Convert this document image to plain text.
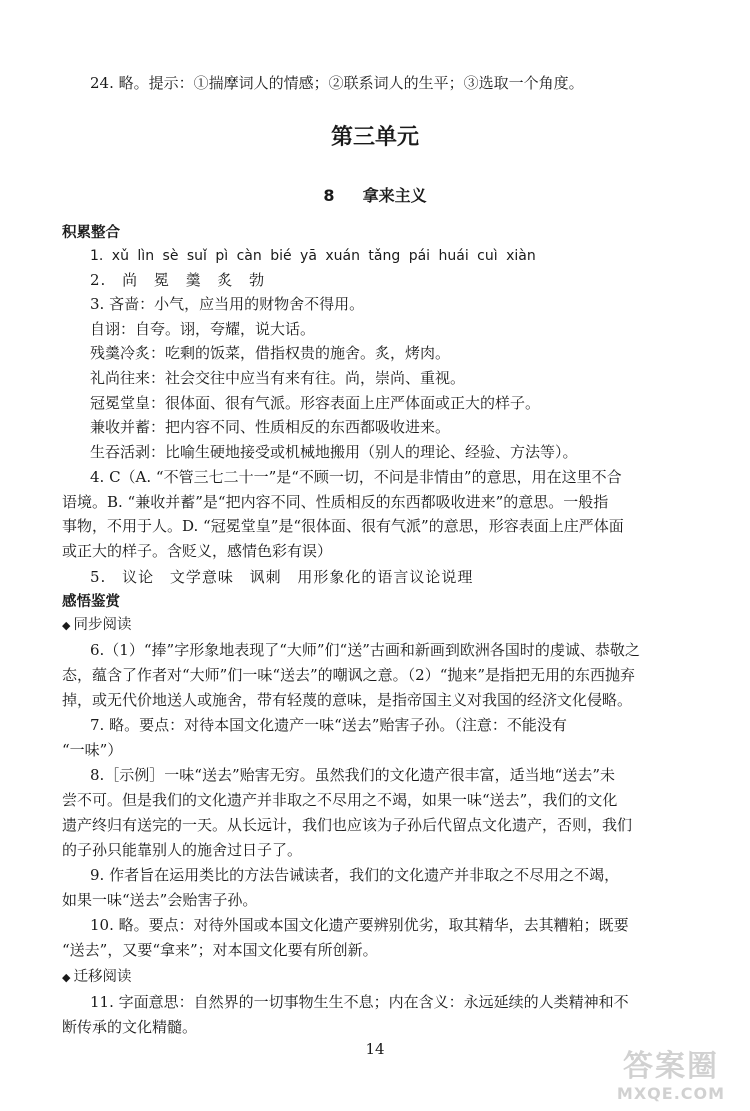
24. 略。提示：①揣摩词人的情感；②联系词人的生平；③选取一个角度。
第三单元
8 拿来主义
积累整合
1. xǔ lìn sè suǐ pì càn bié yā xuán tǎng pái huái cuì xiàn
2. 尚 冕 羹 炙 勃
3. 吝啬：小气，应当用的财物舍不得用。
自诩：自夸。诩，夸耀，说大话。
残羹冷炙：吃剩的饭菜，借指权贵的施舍。炙，烤肉。
礼尚往来：社会交往中应当有来有往。尚，崇尚、重视。
冠冕堂皇：很体面、很有气派。形容表面上庄严体面或正大的样子。
兼收并蓄：把内容不同、性质相反的东西都吸收进来。
生吞活剥：比喻生硬地接受或机械地搬用（别人的理论、经验、方法等）。
4. C（A. “不管三七二十一”是“不顾一切，不问是非情由”的意思，用在这里不合
语境。B. “兼收并蓄”是“把内容不同、性质相反的东西都吸收进来”的意思。一般指
事物，不用于人。D. “冠冕堂皇”是“很体面、很有气派”的意思，形容表面上庄严体面
或正大的样子。含贬义，感情色彩有误）
5. 议论 文学意味 讽刺 用形象化的语言议论说理
感悟鉴赏
◆ 同步阅读
6.（1）“捧”字形象地表现了“大师”们“送”古画和新画到欧洲各国时的虔诚、恭敬之
态，蕴含了作者对“大师”们一味“送去”的嘲讽之意。（2）“抛来”是指把无用的东西抛弃
掉，或无代价地送人或施舍，带有轻蔑的意味，是指帝国主义对我国的经济文化侵略。
7. 略。要点：对待本国文化遗产一味“送去”贻害子孙。（注意：不能没有
“一味”）
8.［示例］一味“送去”贻害无穷。虽然我们的文化遗产很丰富，适当地“送去”未
尝不可。但是我们的文化遗产并非取之不尽用之不竭，如果一味“送去”，我们的文化
遗产终归有送完的一天。从长远计，我们也应该为子孙后代留点文化遗产，否则，我们
的子孙只能靠别人的施舍过日子了。
9. 作者旨在运用类比的方法告诫读者，我们的文化遗产并非取之不尽用之不竭，
如果一味“送去”会贻害子孙。
10. 略。要点：对待外国或本国文化遗产要辨别优劣，取其精华，去其糟粕；既要
“送去”，又要“拿来”；对本国文化要有所创新。
◆ 迁移阅读
11. 字面意思：自然界的一切事物生生不息；内在含义：永远延续的人类精神和不
断传承的文化精髓。
14	答案圈
MXQE.COM
